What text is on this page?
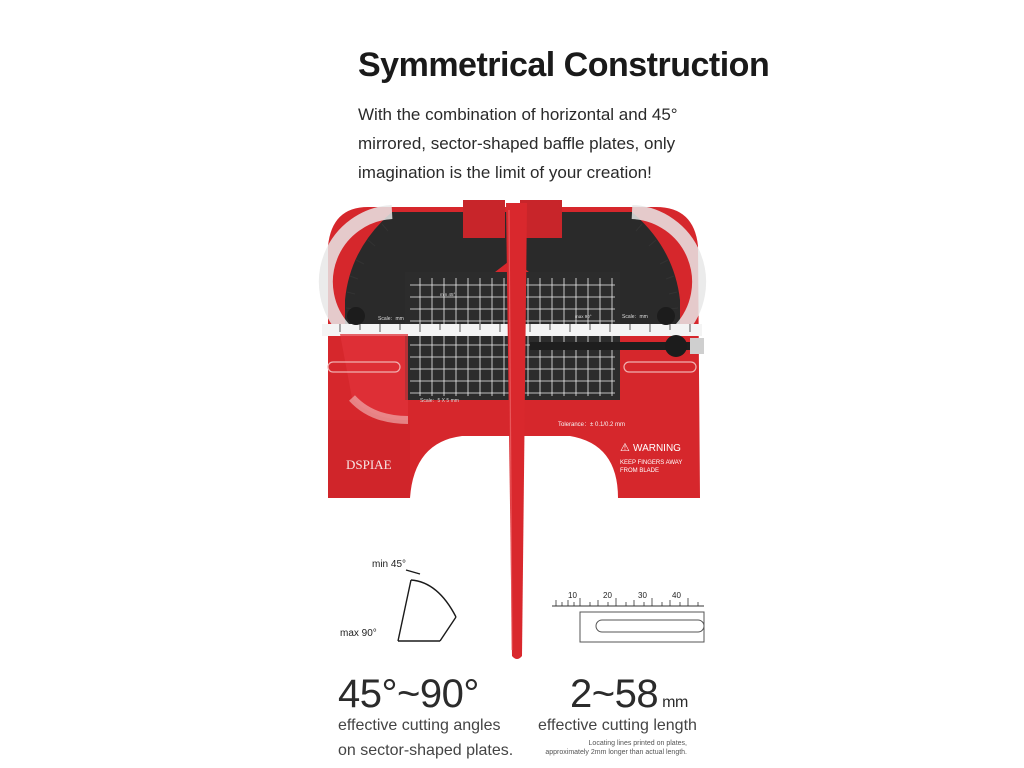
Symmetrical Construction
With the combination of horizontal and 45°
mirrored, sector-shaped baffle plates, only
imagination is the limit of your creation!
Scale：mm	Scale：mm
Scale：5 X 5 mm
min 45°
max 90°
Tolerance：± 0.1/0.2 mm
⚠ WARNING
KEEP FINGERS AWAY
FROM BLADE
DSPIAE
min 45°
max 90°
10	20	30	40
45°~90°
effective cutting angles
on sector-shaped plates.
2~58 mm
effective cutting length
Locating lines printed on plates,
approximately 2mm longer than actual length.
